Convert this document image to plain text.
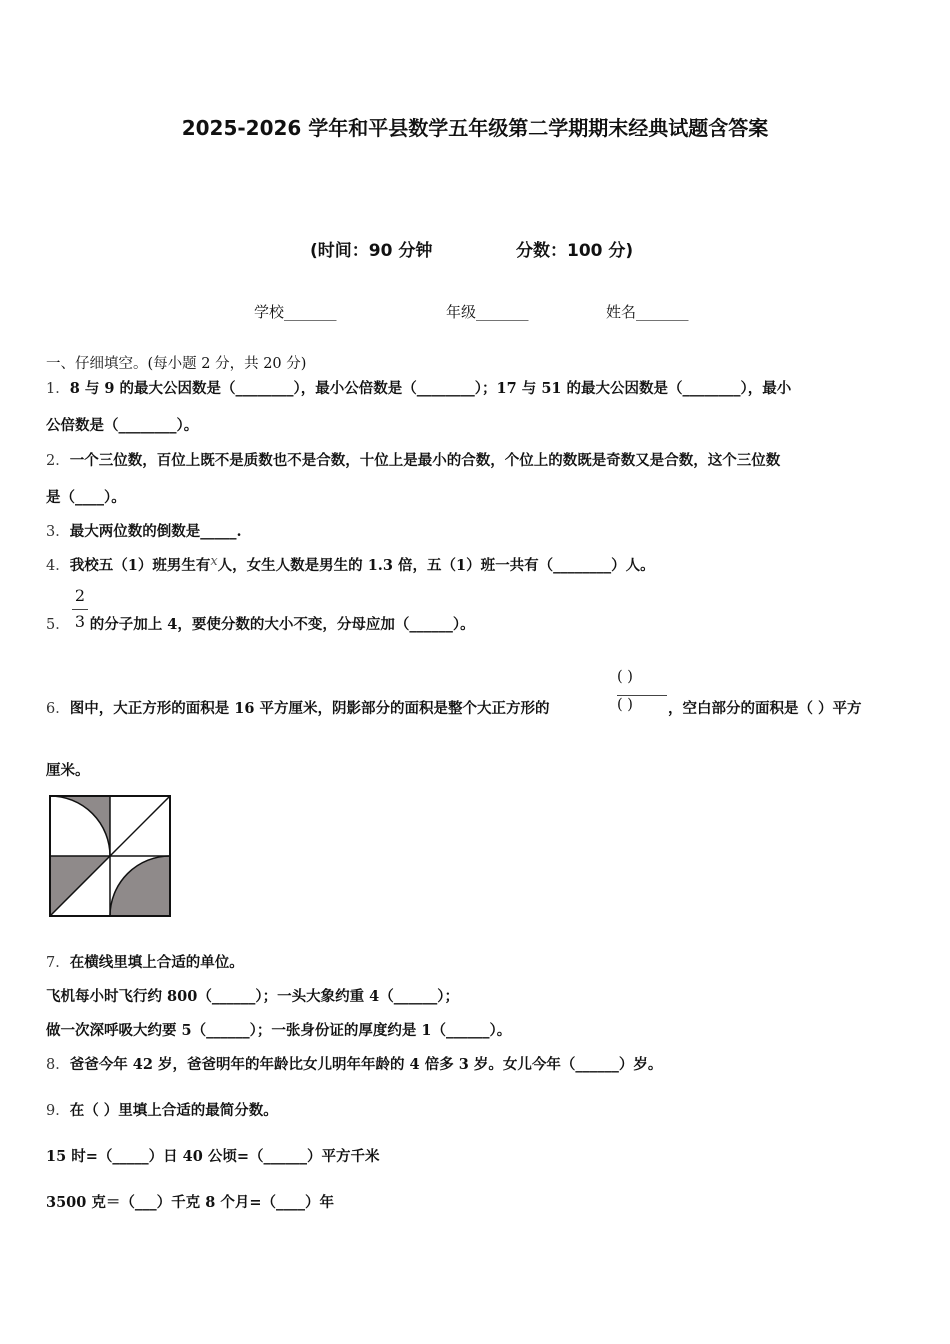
2025-2026 学年和平县数学五年级第二学期期末经典试题含答案
(时间：90 分钟	分数：100 分)
学校_______	年级_______	姓名_______
一、仔细填空。(每小题 2 分，共 20 分)
1．8 与 9 的最大公因数是（________），最小公倍数是（________）；17 与 51 的最大公因数是（________），最小
公倍数是（________）。
2．一个三位数，百位上既不是质数也不是合数，十位上是最小的合数，个位上的数既是奇数又是合数，这个三位数
是（____）。
3．最大两位数的倒数是_____.
4．我校五（1）班男生有x人，女生人数是男生的 1.3 倍，五（1）班一共有（________）人。
2
3
5． 的分子加上 4，要使分数的大小不变，分母应加（______）。
( )
( )
6．图中，大正方形的面积是 16 平方厘米，阴影部分的面积是整个大正方形的	，空白部分的面积是（ ）平方
厘米。
7．在横线里填上合适的单位。
飞机每小时飞行约 800（______）；一头大象约重 4（______）；
做一次深呼吸大约要 5（______）；一张身份证的厚度约是 1（______）。
8．爸爸今年 42 岁，爸爸明年的年龄比女儿明年年龄的 4 倍多 3 岁。女儿今年（______）岁。
9．在（ ）里填上合适的最简分数。
15 时=（_____）日 40 公顷=（______）平方千米
3500 克＝（___）千克 8 个月=（____）年
